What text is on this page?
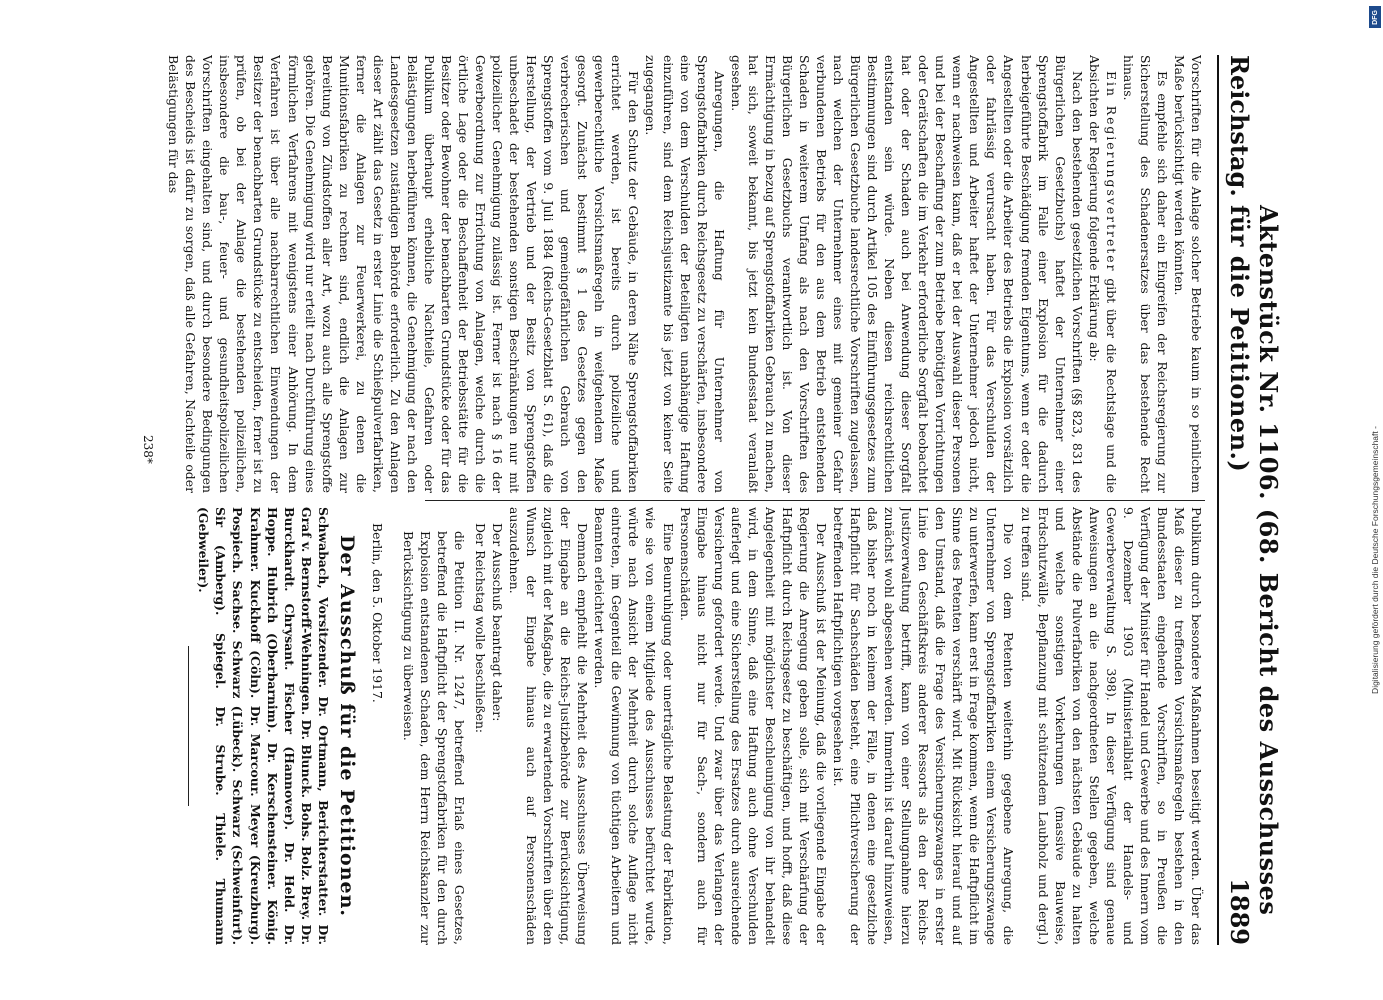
Reichstag.
Aktenstück Nr. 1106. (68. Bericht des Ausschusses für die Petitionen.)
1889

Vorschriften für die Anlage solcher Betriebe kaum in so peinlichem Maße berücksichtigt werden könnten.

Es empfehle sich daher ein Eingreifen der Reichsregierung zur Sicherstellung des Schadenersatzes über das bestehende Recht hinaus.

Ein Regierungsvertreter gibt über die Rechtslage und die Absichten der Regierung folgende Erklärung ab:

Nach den bestehenden gesetzlichen Vorschriften (§§ 823, 831 des Bürgerlichen Gesetzbuchs) haftet der Unternehmer einer Sprengstoffabrik im Falle einer Explosion für die dadurch herbeigeführte Beschädigung fremden Eigentums, wenn er oder die Angestellten oder die Arbeiter des Betriebs die Explosion vorsätzlich oder fahrlässig verursacht haben. Für das Verschulden der Angestellten und Arbeiter haftet der Unternehmer jedoch nicht, wenn er nachweisen kann, daß er bei der Auswahl dieser Personen und bei der Beschaffung der zum Betriebe benötigten Vorrichtungen oder Gerätschaften die im Verkehr erforderliche Sorgfalt beobachtet hat oder der Schaden auch bei Anwendung dieser Sorgfalt entstanden sein würde. Neben diesen reichsrechtlichen Bestimmungen sind durch Artikel 105 des Einführungsgesetzes zum Bürgerlichen Gesetzbuche landesrechtliche Vorschriften zugelassen, nach welchen der Unternehmer eines mit gemeiner Gefahr verbundenen Betriebs für den aus dem Betrieb entstehenden Schaden in weiterem Umfang als nach den Vorschriften des Bürgerlichen Gesetzbuchs verantwortlich ist. Von dieser Ermächtigung in bezug auf Sprengstoffabriken Gebrauch zu machen, hat sich, soweit bekannt, bis jetzt kein Bundesstaat veranlaßt gesehen.

Anregungen, die Haftung für Unternehmer von Sprengstoffabriken durch Reichsgesetz zu verschärfen, insbesondere eine von dem Verschulden der Beteiligten unabhängige Haftung einzuführen, sind dem Reichsjustizamte bis jetzt von keiner Seite zugegangen.

Für den Schutz der Gebäude, in deren Nähe Sprengstoffabriken errichtet werden, ist bereits durch polizeiliche und gewerberechtliche Vorsichtsmaßregeln in weitgehendem Maße gesorgt. Zunächst bestimmt § 1 des Gesetzes gegen den verbrecherischen und gemeingefährlichen Gebrauch von Sprengstoffen vom 9. Juli 1884 (Reichs-Gesetzblatt S. 61), daß die Herstellung, der Vertrieb und der Besitz von Sprengstoffen unbeschadet der bestehenden sonstigen Beschränkungen nur mit polizeilicher Genehmigung zulässig ist. Ferner ist nach § 16 der Gewerbeordnung zur Errichtung von Anlagen, welche durch die örtliche Lage oder die Beschaffenheit der Betriebsstätte für die Besitzer oder Bewohner der benachbarten Grundstücke oder für das Publikum überhaupt erhebliche Nachteile, Gefahren oder Belästigungen herbeiführen können, die Genehmigung der nach den Landesgesetzen zuständigen Behörde erforderlich. Zu den Anlagen dieser Art zählt das Gesetz in erster Linie die Schießpulverfabriken, ferner die Anlagen zur Feuerwerkerei, zu denen die Munitionsfabriken zu rechnen sind, endlich die Anlagen zur Bereitung von Zündstoffen aller Art, wozu auch alle Sprengstoffe gehören. Die Genehmigung wird nur erteilt nach Durchführung eines förmlichen Verfahrens mit wenigstens einer Anhörung. In dem Verfahren ist über alle nachbarrechtlichen Einwendungen der Besitzer der benachbarten Grundstücke zu entscheiden, ferner ist zu prüfen, ob bei der Anlage die bestehenden polizeilichen, insbesondere die bau-, feuer- und gesundheitspolizeilichen Vorschriften eingehalten sind, und durch besondere Bedingungen des Bescheids ist dafür zu sorgen, daß alle Gefahren, Nachteile oder Belästigungen für das

Publikum durch besondere Maßnahmen beseitigt werden. Über das Maß dieser zu treffenden Vorsichtsmaßregeln bestehen in den Bundesstaaten eingehende Vorschriften, so in Preußen die Verfügung der Minister für Handel und Gewerbe und des Innern vom 9. Dezember 1903 (Ministerialblatt der Handels- und Gewerbeverwaltung S. 398). In dieser Verfügung sind genaue Anweisungen an die nachgeordneten Stellen gegeben, welche Abstände die Pulverfabriken von den nächsten Gebäude zu halten und welche sonstigen Vorkehrungen (massive Bauweise, Erdschutzwälle, Bepflanzung mit schützendem Laubholz und dergl.) zu treffen sind.

Die von dem Petenten weiterhin gegebene Anregung, die Unternehmer von Sprengstoffabriken einem Versicherungszwange zu unterwerfen, kann erst in Frage kommen, wenn die Haftpflicht im Sinne des Petenten verschärft wird. Mit Rücksicht hierauf und auf den Umstand, daß die Frage des Versicherungszwanges in erster Linie den Geschäftskreis anderer Ressorts als den der Reichs-Justizverwaltung betrifft, kann von einer Stellungnahme hierzu zunächst wohl abgesehen werden. Immerhin ist darauf hinzuweisen, daß bisher noch in keinem der Fälle, in denen eine gesetzliche Haftpflicht für Sachschäden besteht, eine Pflichtversicherung der betreffenden Haftpflichtigen vorgesehen ist.

Der Ausschuß ist der Meinung, daß die vorliegende Eingabe der Regierung die Anregung geben solle, sich mit Verschärfung der Haftpflicht durch Reichsgesetz zu beschäftigen, und hofft, daß diese Angelegenheit mit möglichster Beschleunigung von ihr behandelt wird, in dem Sinne, daß eine Haftung auch ohne Verschulden auferlegt und eine Sicherstellung des Ersatzes durch ausreichende Versicherung gefordert werde. Und zwar über das Verlangen der Eingabe hinaus nicht nur für Sach-, sondern auch für Personenschäden.

Eine Beunruhigung oder unerträgliche Belastung der Fabrikation, wie sie von einem Mitgliede des Ausschusses befürchtet wurde, würde nach Ansicht der Mehrheit durch solche Auflage nicht eintreten, im Gegenteil die Gewinnung von tüchtigen Arbeitern und Beamten erleichtert werden.

Demnach empfiehlt die Mehrheit des Ausschusses Überweisung der Eingabe an die Reichs-Justizbehörde zur Berücksichtigung, zugleich mit der Maßgabe, die zu erwartenden Vorschriften über den Wunsch der Eingabe hinaus auch auf Personenschäden auszudehnen.

Der Ausschuß beantragt daher:

Der Reichstag wolle beschließen:

die Petition II. Nr. 1247, betreffend Erlaß eines Gesetzes, betreffend die Haftpflicht der Sprengstoffabriken für den durch Explosion entstandenen Schaden, dem Herrn Reichskanzler zur Berücksichtigung zu überweisen.

Berlin, den 5. Oktober 1917.

Der Ausschuß für die Petitionen.

Schwabach, Vorsitzender. Dr. Ortmann, Berichterstatter. Dr. Graf v. Bernstorff-Wehningen. Dr. Blunck. Bohs. Bolz. Brey. Dr. Burckhardt. Chrysant. Fischer (Hannover). Dr. Held. Dr. Hoppe. Hubrich (Oberbarnim). Dr. Kerschensteiner. König. Krahmer. Kuckhoff (Cöln). Dr. Marcour. Meyer (Kreuzburg). Pospiech. Sachse. Schwarz (Lübeck). Schwarz (Schweinfurt). Sir (Amberg). Spiegel. Dr. Strube. Thiele. Thumann (Gebweiler).

238*
DFG
Digitalisierung gefördert durch die Deutsche Forschungsgemeinschaft -
